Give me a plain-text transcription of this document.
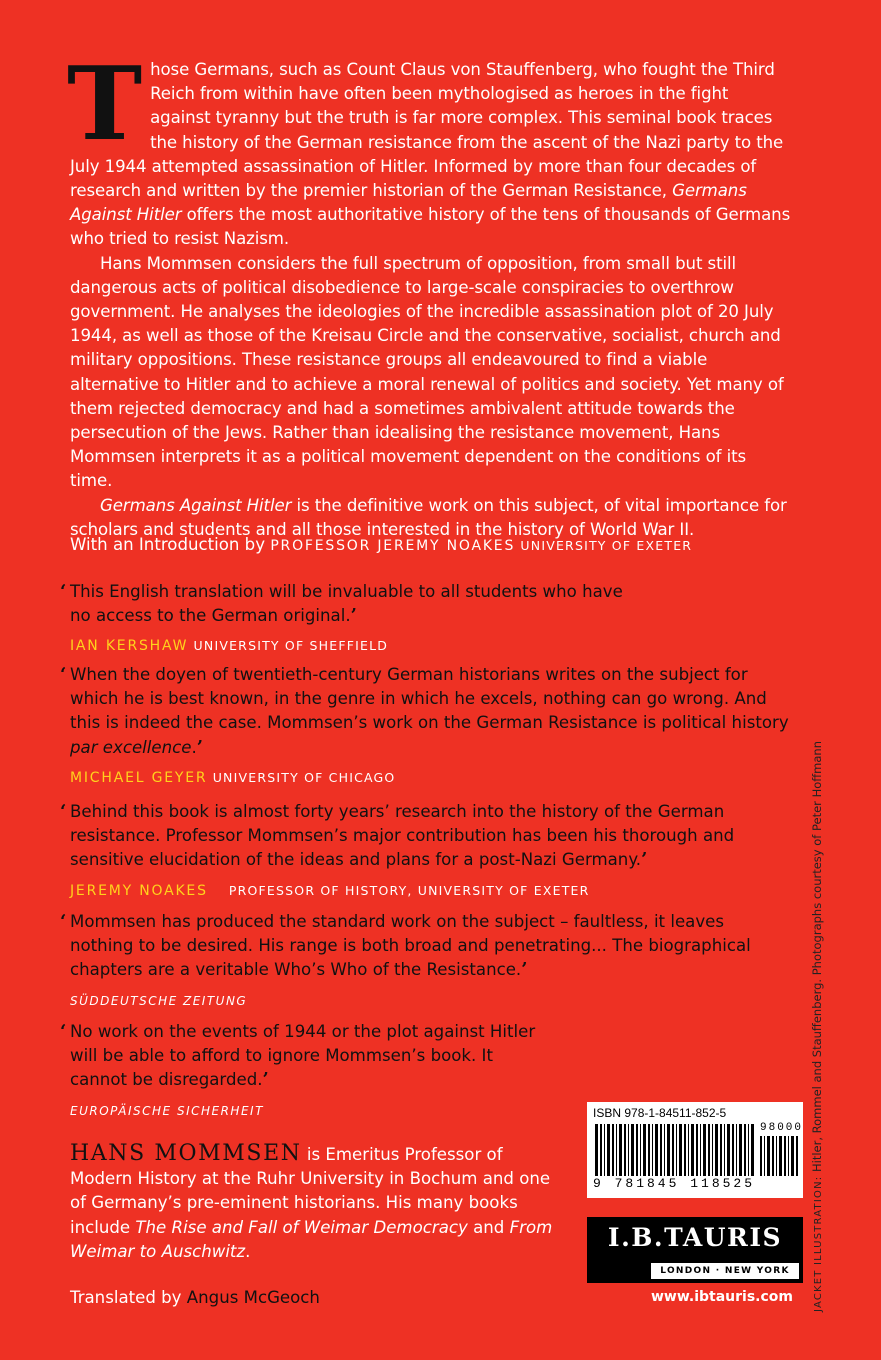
Those Germans, such as Count Claus von Stauffenberg, who fought the Third Reich from within have often been mythologised as heroes in the fight against tyranny but the truth is far more complex. This seminal book traces the history of the German resistance from the ascent of the Nazi party to the July 1944 attempted assassination of Hitler. Informed by more than four decades of research and written by the premier historian of the German Resistance, Germans Against Hitler offers the most authoritative history of the tens of thousands of Germans who tried to resist Nazism.

Hans Mommsen considers the full spectrum of opposition, from small but still dangerous acts of political disobedience to large-scale conspiracies to overthrow government. He analyses the ideologies of the incredible assassination plot of 20 July 1944, as well as those of the Kreisau Circle and the conservative, socialist, church and military oppositions. These resistance groups all endeavoured to find a viable alternative to Hitler and to achieve a moral renewal of politics and society. Yet many of them rejected democracy and had a sometimes ambivalent attitude towards the persecution of the Jews. Rather than idealising the resistance movement, Hans Mommsen interprets it as a political movement dependent on the conditions of its time.

Germans Against Hitler is the definitive work on this subject, of vital importance for scholars and students and all those interested in the history of World War II.

With an Introduction by PROFESSOR JEREMY NOAKES UNIVERSITY OF EXETER

‘ This English translation will be invaluable to all students who have no access to the German original.’

IAN KERSHAW UNIVERSITY OF SHEFFIELD

‘ When the doyen of twentieth-century German historians writes on the subject for which he is best known, in the genre in which he excels, nothing can go wrong. And this is indeed the case. Mommsen’s work on the German Resistance is political history par excellence.’

MICHAEL GEYER UNIVERSITY OF CHICAGO

‘ Behind this book is almost forty years’ research into the history of the German resistance. Professor Mommsen’s major contribution has been his thorough and sensitive elucidation of the ideas and plans for a post-Nazi Germany.’

JEREMY NOAKES PROFESSOR OF HISTORY, UNIVERSITY OF EXETER

‘ Mommsen has produced the standard work on the subject – faultless, it leaves nothing to be desired. His range is both broad and penetrating... The biographical chapters are a veritable Who’s Who of the Resistance.’

SÜDDEUTSCHE ZEITUNG

‘ No work on the events of 1944 or the plot against Hitler will be able to afford to ignore Mommsen’s book. It cannot be disregarded.’

EUROPÄISCHE SICHERHEIT

HANS MOMMSEN is Emeritus Professor of Modern History at the Ruhr University in Bochum and one of Germany’s pre-eminent historians. His many books include The Rise and Fall of Weimar Democracy and From Weimar to Auschwitz.

Translated by Angus McGeoch
ISBN 978-1-84511-852-5
98000
9 781845 118525
I.B.TAURIS
LONDON · NEW YORK
www.ibtauris.com	JACKET ILLUSTRATION: Hitler, Rommel and Stauffenberg. Photographs courtesy of Peter Hoffmann
